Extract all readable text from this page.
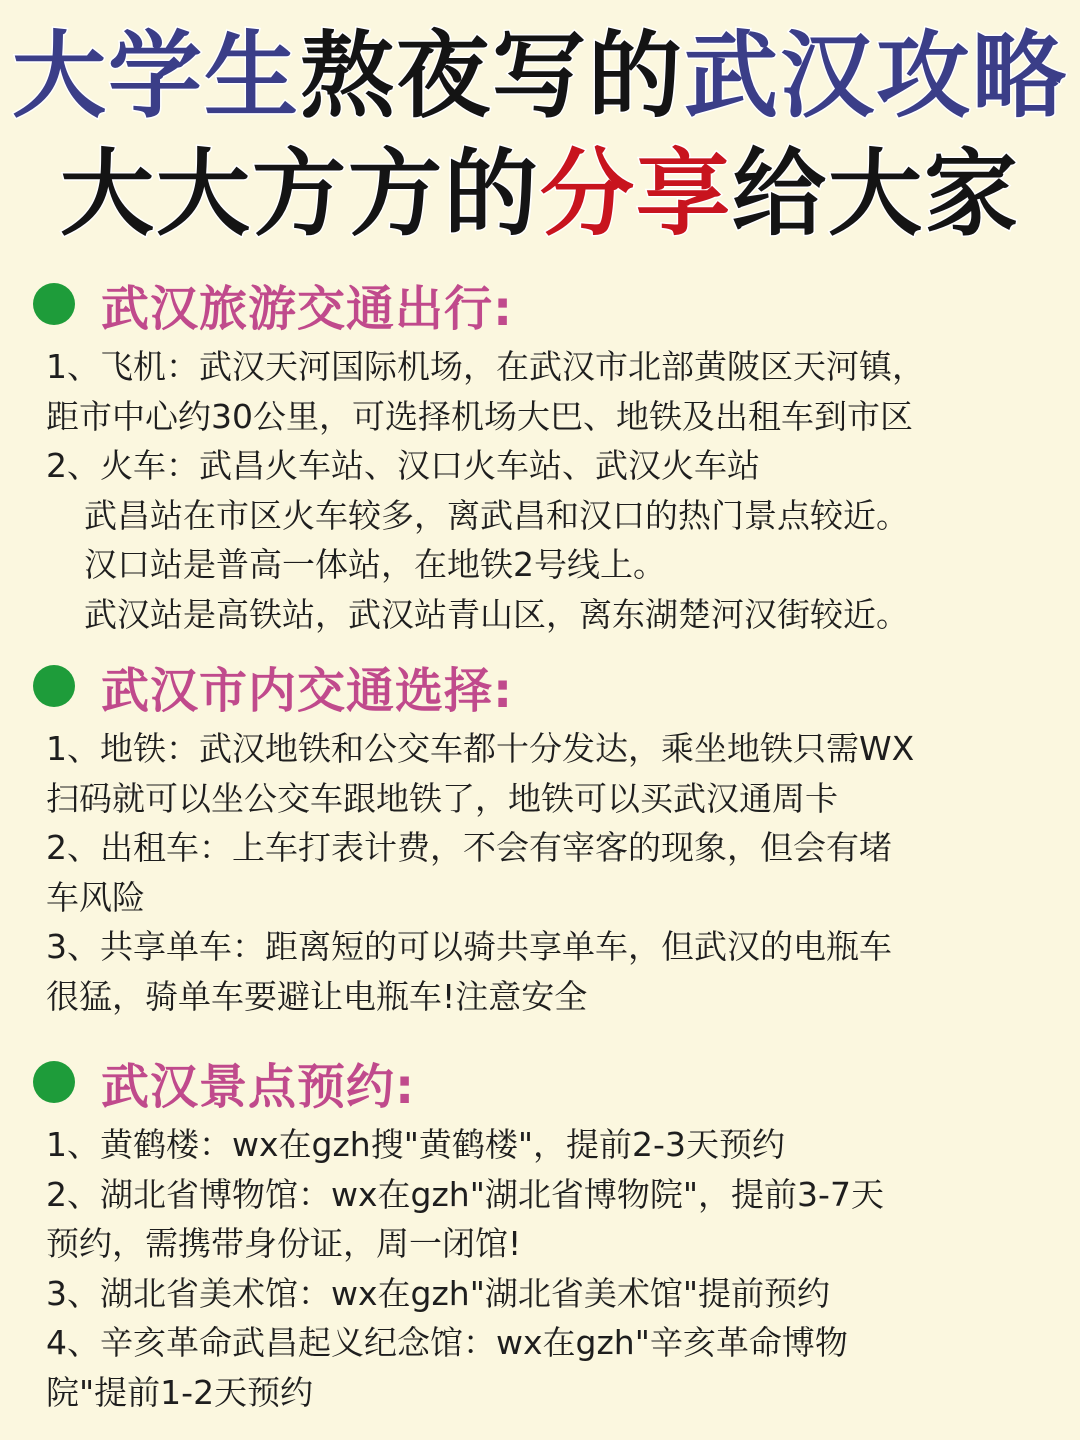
大学生熬夜写的武汉攻略
大大方方的分享给大家
武汉旅游交通出行:
1、飞机：武汉天河国际机场，在武汉市北部黄陂区天河镇，
距市中心约30公里，可选择机场大巴、地铁及出租车到市区
2、火车：武昌火车站、汉口火车站、武汉火车站
武昌站在市区火车较多，离武昌和汉口的热门景点较近。
汉口站是普高一体站，在地铁2号线上。
武汉站是高铁站，武汉站青山区，离东湖楚河汉街较近。
武汉市内交通选择:
1、地铁：武汉地铁和公交车都十分发达，乘坐地铁只需WX
扫码就可以坐公交车跟地铁了，地铁可以买武汉通周卡
2、出租车：上车打表计费，不会有宰客的现象，但会有堵
车风险
3、共享单车：距离短的可以骑共享单车，但武汉的电瓶车
很猛，骑单车要避让电瓶车!注意安全
武汉景点预约:
1、黄鹤楼：wx在gzh搜"黄鹤楼"，提前2-3天预约
2、湖北省博物馆：wx在gzh"湖北省博物院"，提前3-7天
预约，需携带身份证，周一闭馆!
3、湖北省美术馆：wx在gzh"湖北省美术馆"提前预约
4、辛亥革命武昌起义纪念馆：wx在gzh"辛亥革命博物
院"提前1-2天预约
